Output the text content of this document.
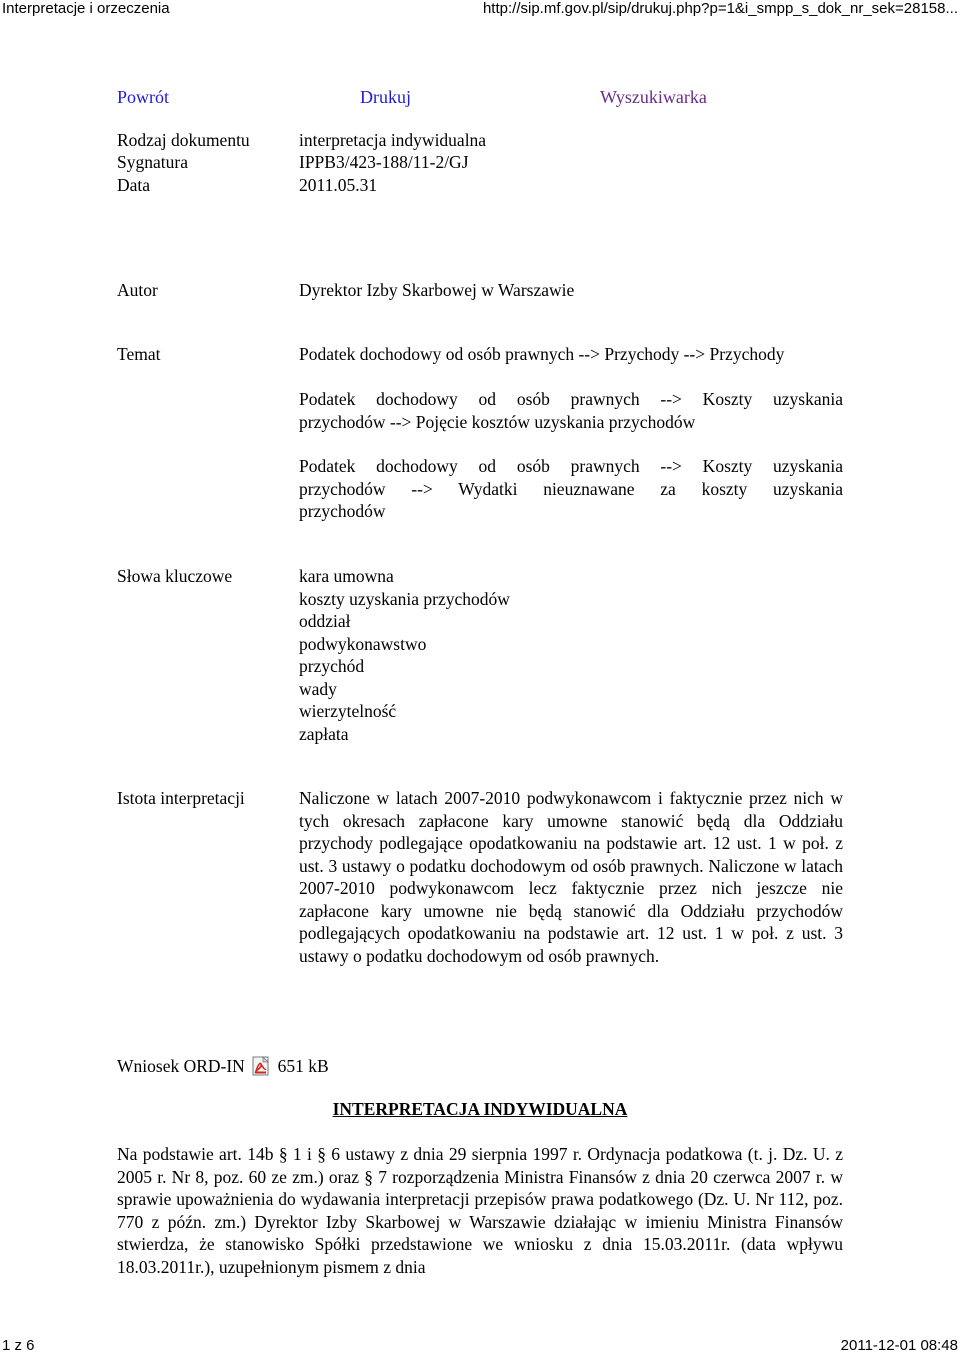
Interpretacje i orzeczenia	http://sip.mf.gov.pl/sip/drukuj.php?p=1&i_smpp_s_dok_nr_sek=28158...
Powrót	Drukuj	Wyszukiwarka
Rodzaj dokumentu	interpretacja indywidualna
Sygnatura	IPPB3/423-188/11-2/GJ
Data	2011.05.31
Autor	Dyrektor Izby Skarbowej w Warszawie
Temat	Podatek dochodowy od osób prawnych --> Przychody --> Przychody
Podatek dochodowy od osób prawnych --> Koszty uzyskania
przychodów --> Pojęcie kosztów uzyskania przychodów
Podatek dochodowy od osób prawnych --> Koszty uzyskania
przychodów --> Wydatki nieuznawane za koszty uzyskania
przychodów
Słowa kluczowe	kara umowna
koszty uzyskania przychodów
oddział
podwykonawstwo
przychód
wady
wierzytelność
zapłata
Istota interpretacji	Naliczone w latach 2007-2010 podwykonawcom i faktycznie przez nich w tych okresach zapłacone kary umowne stanowić będą dla Oddziału przychody podlegające opodatkowaniu na podstawie art. 12 ust. 1 w poł. z ust. 3 ustawy o podatku dochodowym od osób prawnych. Naliczone w latach 2007-2010 podwykonawcom lecz faktycznie przez nich jeszcze nie zapłacone kary umowne nie będą stanowić dla Oddziału przychodów podlegających opodatkowaniu na podstawie art. 12 ust. 1 w poł. z ust. 3 ustawy o podatku dochodowym od osób prawnych.
Wniosek ORD-IN 651 kB
INTERPRETACJA INDYWIDUALNA
Na podstawie art. 14b § 1 i § 6 ustawy z dnia 29 sierpnia 1997 r. Ordynacja podatkowa (t. j. Dz. U. z 2005 r. Nr 8, poz. 60 ze zm.) oraz § 7 rozporządzenia Ministra Finansów z dnia 20 czerwca 2007 r. w sprawie upoważnienia do wydawania interpretacji przepisów prawa podatkowego (Dz. U. Nr 112, poz. 770 z późn. zm.) Dyrektor Izby Skarbowej w Warszawie działając w imieniu Ministra Finansów stwierdza, że stanowisko Spółki przedstawione we wniosku z dnia 15.03.2011r. (data wpływu 18.03.2011r.), uzupełnionym pismem z dnia
1 z 6	2011-12-01 08:48
